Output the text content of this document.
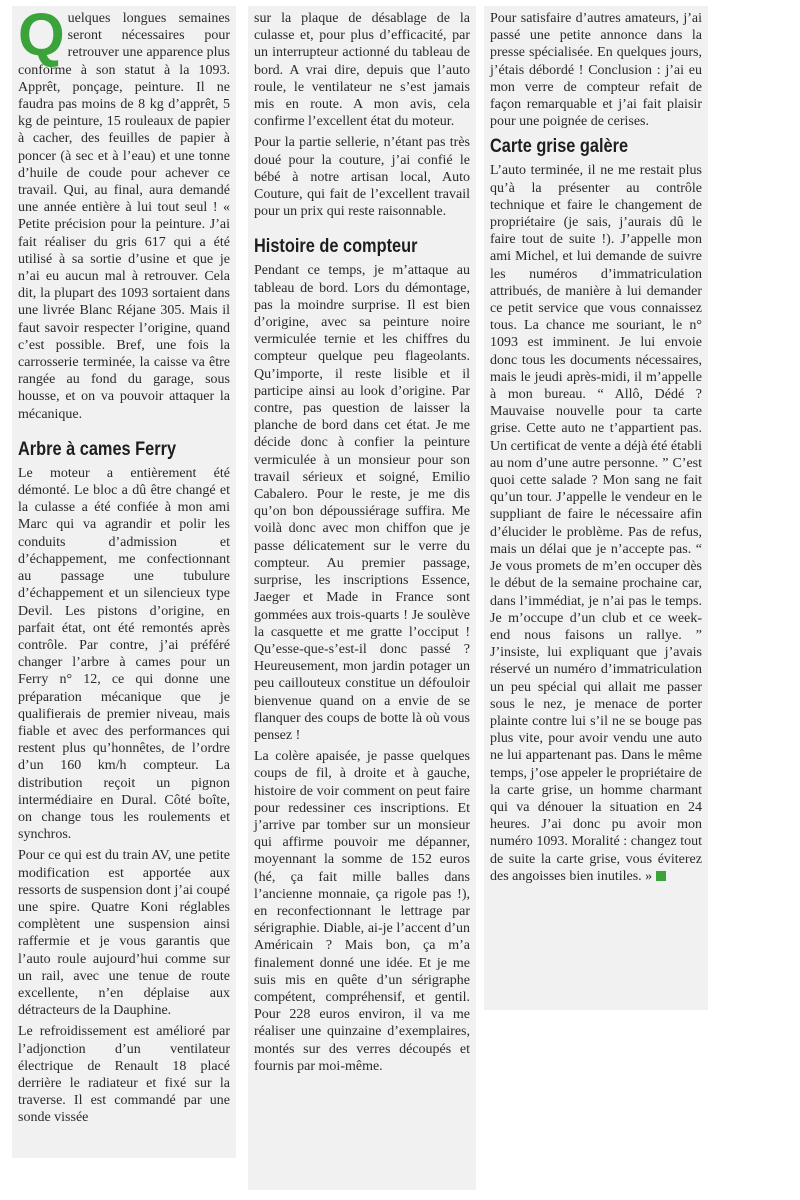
Quelques longues semaines seront nécessaires pour retrouver une apparence plus conforme à son statut à la 1093. Apprêt, ponçage, peinture. Il ne faudra pas moins de 8 kg d’apprêt, 5 kg de peinture, 15 rouleaux de papier à cacher, des feuilles de papier à poncer (à sec et à l’eau) et une tonne d’huile de coude pour achever ce travail. Qui, au final, aura demandé une année entière à lui tout seul ! « Petite précision pour la peinture. J’ai fait réaliser du gris 617 qui a été utilisé à sa sortie d’usine et que je n’ai eu aucun mal à retrouver. Cela dit, la plupart des 1093 sortaient dans une livrée Blanc Réjane 305. Mais il faut savoir respecter l’origine, quand c’est possible. Bref, une fois la carrosserie terminée, la caisse va être rangée au fond du garage, sous housse, et on va pouvoir attaquer la mécanique.

Arbre à cames Ferry

Le moteur a entièrement été démonté. Le bloc a dû être changé et la culasse a été confiée à mon ami Marc qui va agrandir et polir les conduits d’admission et d’échappement, me confectionnant au passage une tubulure d’échappement et un silencieux type Devil. Les pistons d’origine, en parfait état, ont été remontés après contrôle. Par contre, j’ai préféré changer l’arbre à cames pour un Ferry n° 12, ce qui donne une préparation mécanique que je qualifierais de premier niveau, mais fiable et avec des performances qui restent plus qu’honnêtes, de l’ordre d’un 160 km/h compteur. La distribution reçoit un pignon intermédiaire en Dural. Côté boîte, on change tous les roulements et synchros.

Pour ce qui est du train AV, une petite modification est apportée aux ressorts de suspension dont j’ai coupé une spire. Quatre Koni réglables complètent une suspension ainsi raffermie et je vous garantis que l’auto roule aujourd’hui comme sur un rail, avec une tenue de route excellente, n’en déplaise aux détracteurs de la Dauphine.

Le refroidissement est amélioré par l’adjonction d’un ventilateur électrique de Renault 18 placé derrière le radiateur et fixé sur la traverse. Il est commandé par une sonde vissée

sur la plaque de désablage de la culasse et, pour plus d’efficacité, par un interrupteur actionné du tableau de bord. A vrai dire, depuis que l’auto roule, le ventilateur ne s’est jamais mis en route. A mon avis, cela confirme l’excellent état du moteur.

Pour la partie sellerie, n’étant pas très doué pour la couture, j’ai confié le bébé à notre artisan local, Auto Couture, qui fait de l’excellent travail pour un prix qui reste raisonnable.

Histoire de compteur

Pendant ce temps, je m’attaque au tableau de bord. Lors du démontage, pas la moindre surprise. Il est bien d’origine, avec sa peinture noire vermiculée ternie et les chiffres du compteur quelque peu flageolants. Qu’importe, il reste lisible et il participe ainsi au look d’origine. Par contre, pas question de laisser la planche de bord dans cet état. Je me décide donc à confier la peinture vermiculée à un monsieur pour son travail sérieux et soigné, Emilio Cabalero. Pour le reste, je me dis qu’on bon dépoussiérage suffira. Me voilà donc avec mon chiffon que je passe délicatement sur le verre du compteur. Au premier passage, surprise, les inscriptions Essence, Jaeger et Made in France sont gommées aux trois-quarts ! Je soulève la casquette et me gratte l’occiput ! Qu’esse-que-s’est-il donc passé ? Heureusement, mon jardin potager un peu caillouteux constitue un défouloir bienvenue quand on a envie de se flanquer des coups de botte là où vous pensez !

La colère apaisée, je passe quelques coups de fil, à droite et à gauche, histoire de voir comment on peut faire pour redessiner ces inscriptions. Et j’arrive par tomber sur un monsieur qui affirme pouvoir me dépanner, moyennant la somme de 152 euros (hé, ça fait mille balles dans l’ancienne monnaie, ça rigole pas !), en reconfectionnant le lettrage par sérigraphie. Diable, ai-je l’accent d’un Américain ? Mais bon, ça m’a finalement donné une idée. Et je me suis mis en quête d’un sérigraphe compétent, compréhensif, et gentil. Pour 228 euros environ, il va me réaliser une quinzaine d’exemplaires, montés sur des verres découpés et fournis par moi-même.

Pour satisfaire d’autres amateurs, j’ai passé une petite annonce dans la presse spécialisée. En quelques jours, j’étais débordé ! Conclusion : j’ai eu mon verre de compteur refait de façon remarquable et j’ai fait plaisir pour une poignée de cerises.

Carte grise galère

L’auto terminée, il ne me restait plus qu’à la présenter au contrôle technique et faire le changement de propriétaire (je sais, j’aurais dû le faire tout de suite !). J’appelle mon ami Michel, et lui demande de suivre les numéros d’immatriculation attribués, de manière à lui demander ce petit service que vous connaissez tous. La chance me souriant, le n° 1093 est imminent. Je lui envoie donc tous les documents nécessaires, mais le jeudi après-midi, il m’appelle à mon bureau. “ Allô, Dédé ? Mauvaise nouvelle pour ta carte grise. Cette auto ne t’appartient pas. Un certificat de vente a déjà été établi au nom d’une autre personne. ” C’est quoi cette salade ? Mon sang ne fait qu’un tour. J’appelle le vendeur en le suppliant de faire le nécessaire afin d’élucider le problème. Pas de refus, mais un délai que je n’accepte pas. “ Je vous promets de m’en occuper dès le début de la semaine prochaine car, dans l’immédiat, je n’ai pas le temps. Je m’occupe d’un club et ce week-end nous faisons un rallye. ” J’insiste, lui expliquant que j’avais réservé un numéro d’immatriculation un peu spécial qui allait me passer sous le nez, je menace de porter plainte contre lui s’il ne se bouge pas plus vite, pour avoir vendu une auto ne lui appartenant pas. Dans le même temps, j’ose appeler le propriétaire de la carte grise, un homme charmant qui va dénouer la situation en 24 heures. J’ai donc pu avoir mon numéro 1093. Moralité : changez tout de suite la carte grise, vous éviterez des angoisses bien inutiles. »
